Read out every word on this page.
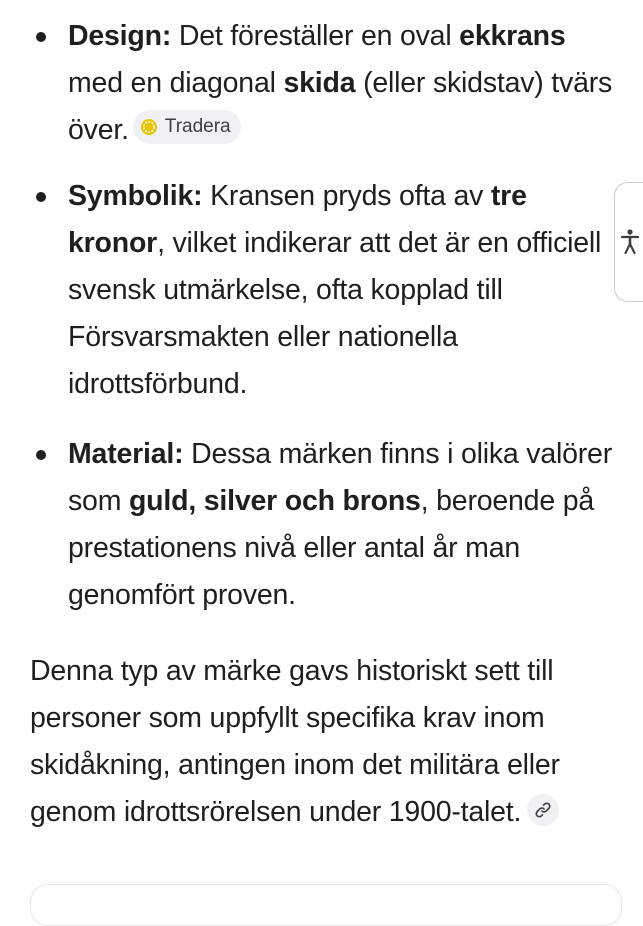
Design: Det föreställer en oval ekkrans med en diagonal skida (eller skidstav) tvärs över. Tradera
Symbolik: Kransen pryds ofta av tre kronor, vilket indikerar att det är en officiell svensk utmärkelse, ofta kopplad till Försvarsmakten eller nationella idrottsförbund.
Material: Dessa märken finns i olika valörer som guld, silver och brons, beroende på prestationens nivå eller antal år man genomfört proven.

Denna typ av märke gavs historiskt sett till personer som uppfyllt specifika krav inom skidåkning, antingen inom det militära eller genom idrottsrörelsen under 1900-talet.
